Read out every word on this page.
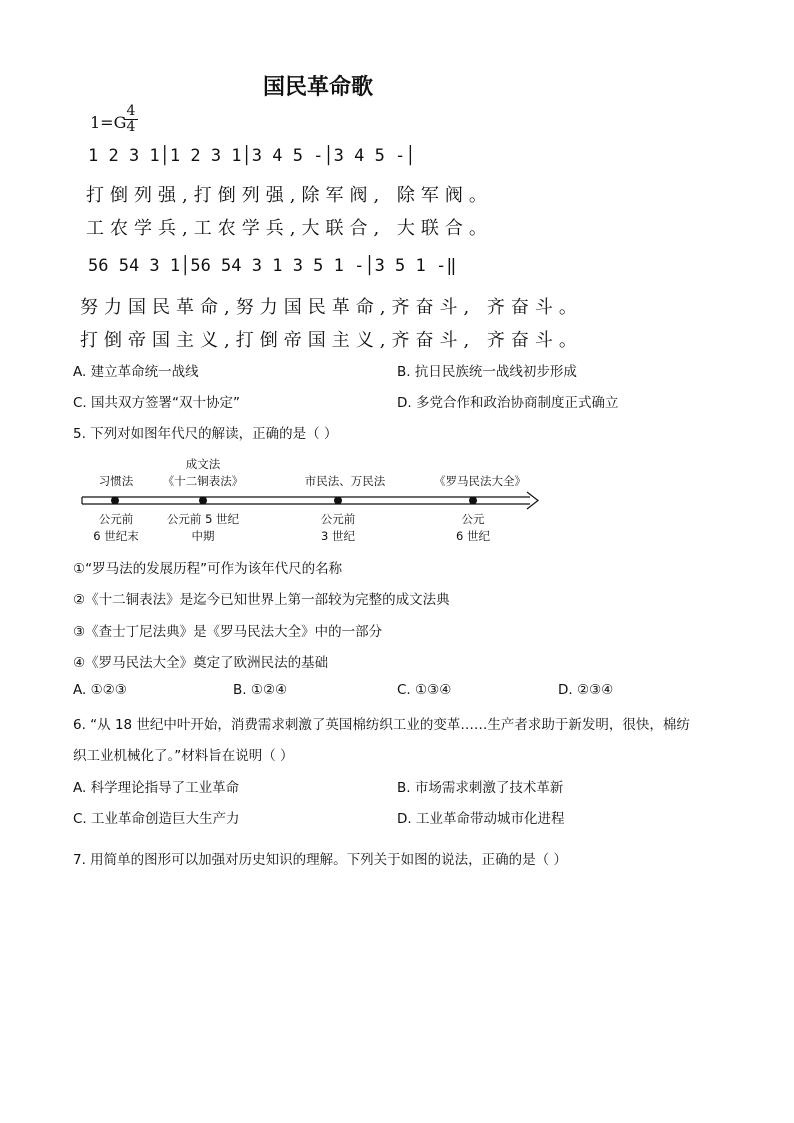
国民革命歌
1=G
4
4
1 2 3 1│1 2 3 1│3 4 5 -│3 4 5 -│
打倒列强,打倒列强,除军阀, 除军阀。
工农学兵,工农学兵,大联合, 大联合。
56 54 3 1│56 54 3 1 3 5 1 -│3 5 1 -‖
努力国民革命,努力国民革命,齐奋斗, 齐奋斗。
打倒帝国主义,打倒帝国主义,齐奋斗, 齐奋斗。
A. 建立革命统一战线	B. 抗日民族统一战线初步形成
C. 国共双方签署“双十协定”	D. 多党合作和政治协商制度正式确立
5. 下列对如图年代尺的解读，正确的是（ ）
习惯法
成文法
《十二铜表法》	市民法、万民法	《罗马民法大全》
公元前
6 世纪末
公元前 5 世纪
中期
公元前
3 世纪
公元
6 世纪
①“罗马法的发展历程”可作为该年代尺的名称
②《十二铜表法》是迄今已知世界上第一部较为完整的成文法典
③《查士丁尼法典》是《罗马民法大全》中的一部分
④《罗马民法大全》奠定了欧洲民法的基础
A. ①②③	B. ①②④	C. ①③④	D. ②③④
6. “从 18 世纪中叶开始，消费需求刺激了英国棉纺织工业的变革……生产者求助于新发明，很快，棉纺
织工业机械化了。”材料旨在说明（ ）
A. 科学理论指导了工业革命	B. 市场需求刺激了技术革新
C. 工业革命创造巨大生产力	D. 工业革命带动城市化进程
7. 用简单的图形可以加强对历史知识的理解。下列关于如图的说法，正确的是（ ）
